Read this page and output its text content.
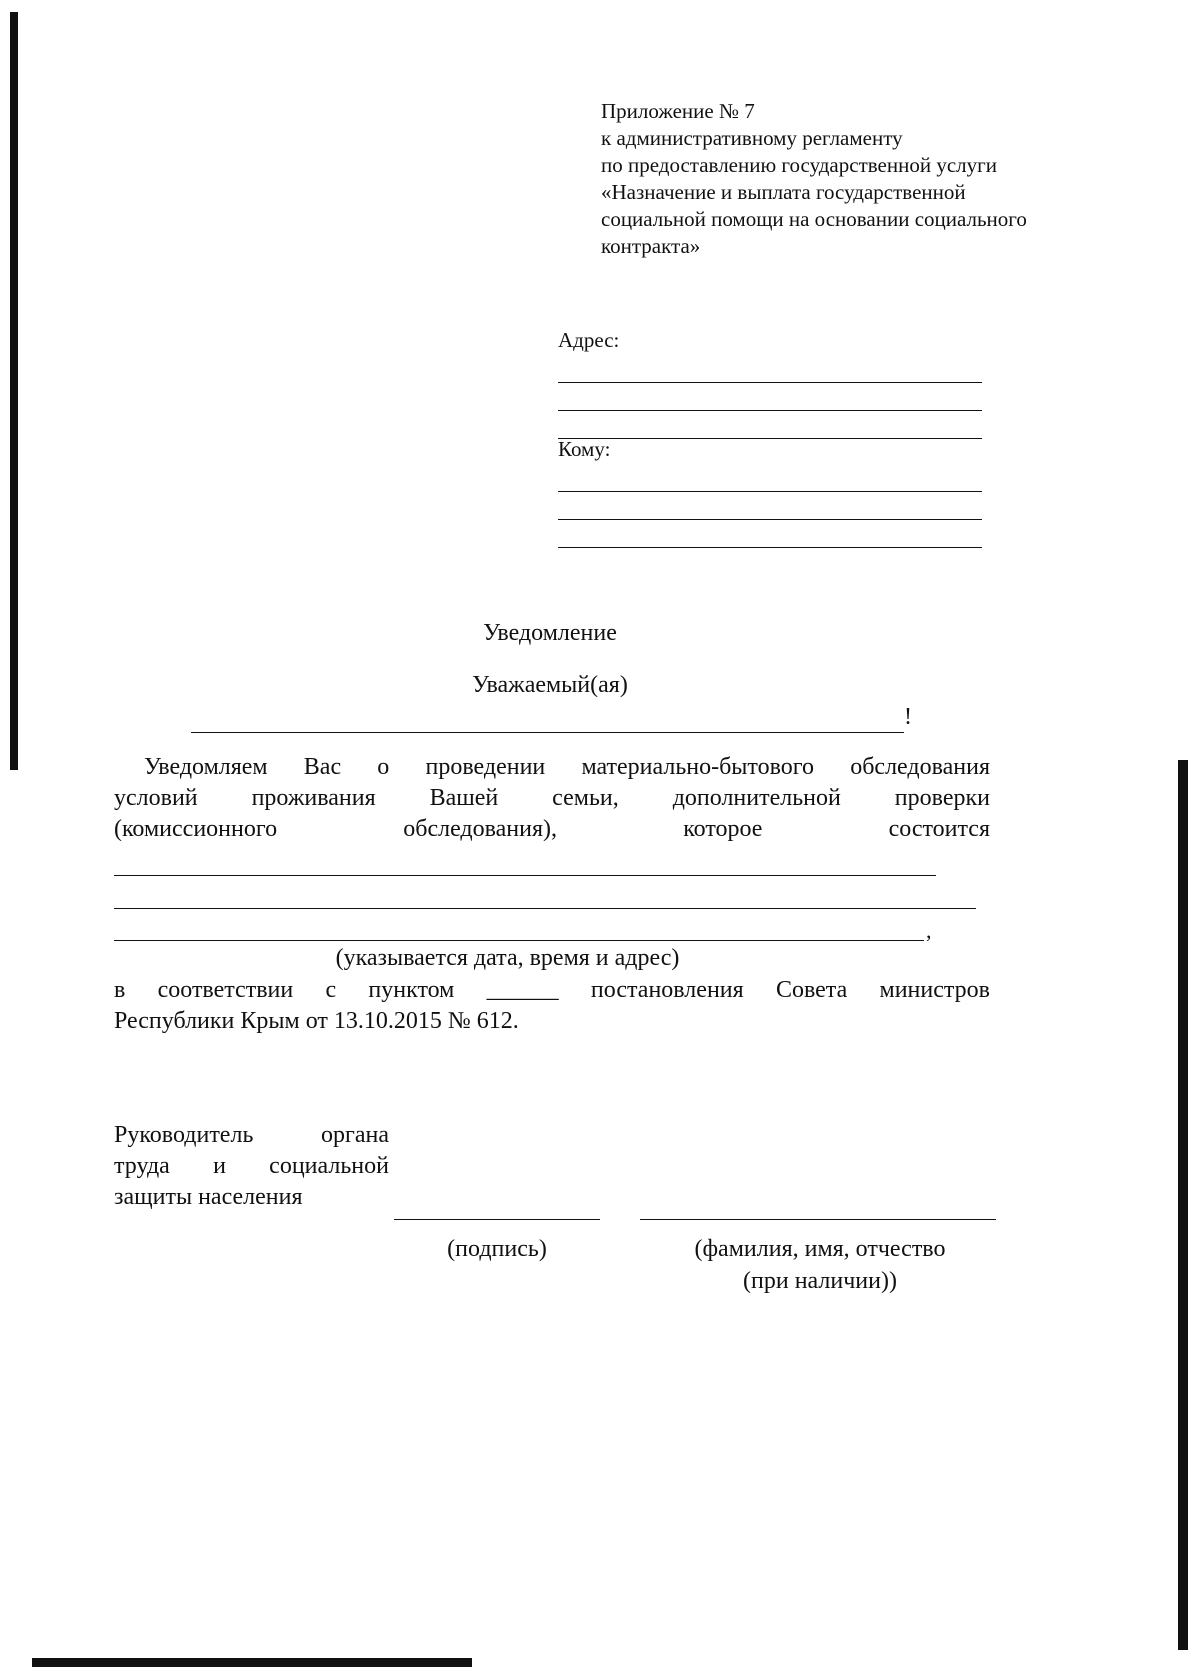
Приложение № 7
к административному регламенту
по предоставлению государственной услуги
«Назначение и выплата государственной
социальной помощи на основании социального
контракта»
Адрес:
Кому:
Уведомление
Уважаемый(ая)
!
Уведомляем Вас о проведении материально-бытового обследования
условий проживания Вашей семьи, дополнительной проверки
(комиссионного обследования), которое состоится
,
(указывается дата, время и адрес)
в соответствии с пунктом ______ постановления Совета министров
Республики Крым от 13.10.2015 № 612.
Руководитель органа
труда и социальной
защиты населения
(подпись)	(фамилия, имя, отчество
(при наличии))
